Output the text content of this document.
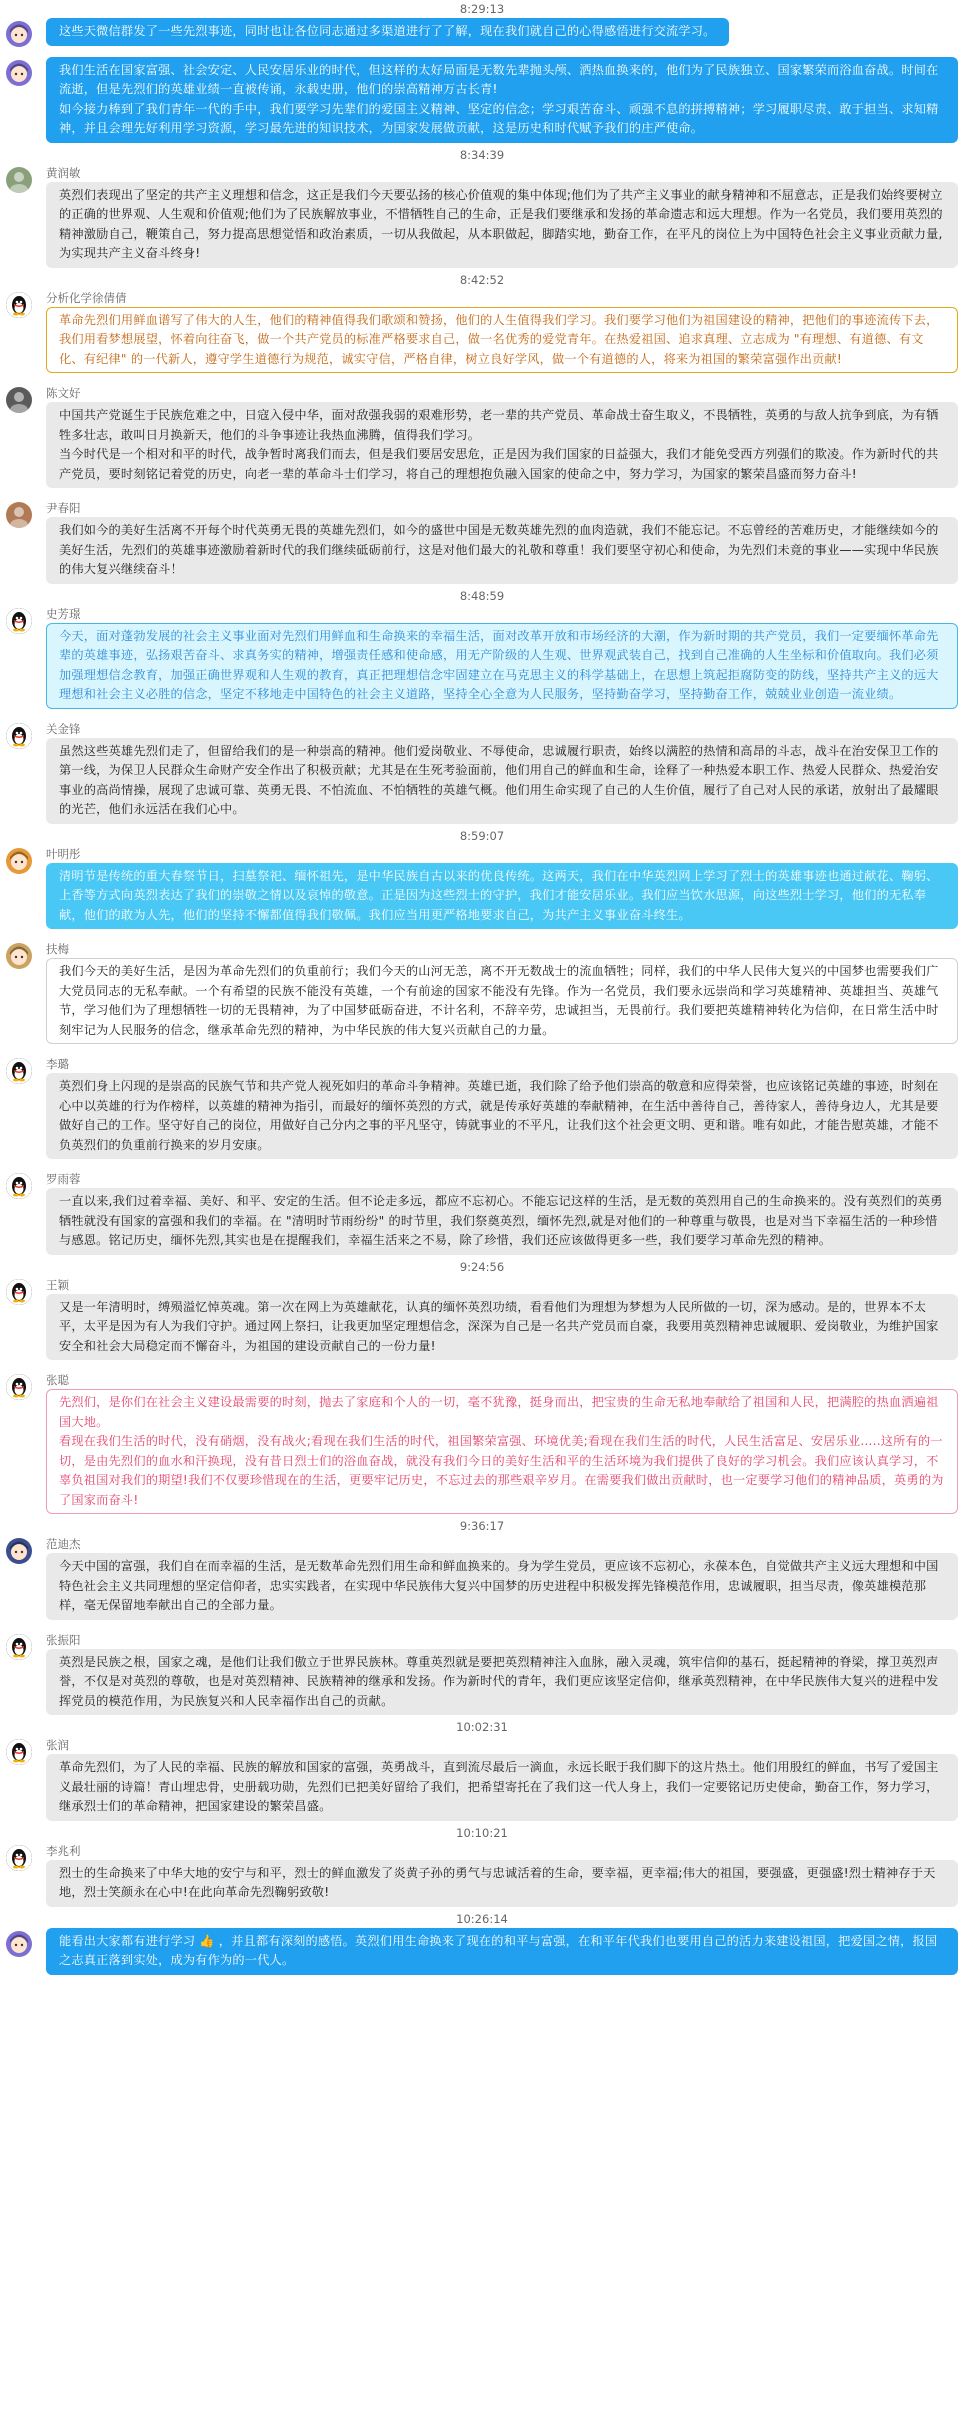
8:29:13
这些天微信群发了一些先烈事迹，同时也让各位同志通过多渠道进行了了解，现在我们就自己的心得感悟进行交流学习。
我们生活在国家富强、社会安定、人民安居乐业的时代，但这样的太好局面是无数先辈抛头颅、洒热血换来的，他们为了民族独立、国家繁荣而浴血奋战。时间在流逝，但是先烈们的英雄业绩一直被传诵，永载史册，他们的崇高精神万古长青!
如今接力棒到了我们青年一代的手中，我们要学习先辈们的爱国主义精神、坚定的信念；学习艰苦奋斗、顽强不息的拼搏精神；学习履职尽责、敢于担当、求知精神，并且会理先好利用学习资源，学习最先进的知识技术，为国家发展做贡献，这是历史和时代赋予我们的庄严使命。
8:34:39
黄润敏
英烈们表现出了坚定的共产主义理想和信念，这正是我们今天要弘扬的核心价值观的集中体现;他们为了共产主义事业的献身精神和不屈意志，正是我们始终要树立的正确的世界观、人生观和价值观;他们为了民族解放事业，不惜牺牲自己的生命，正是我们要继承和发扬的革命遗志和远大理想。作为一名党员，我们要用英烈的精神激励自己，鞭策自己，努力提高思想觉悟和政治素质，一切从我做起，从本职做起，脚踏实地，勤奋工作，在平凡的岗位上为中国特色社会主义事业贡献力量,为实现共产主义奋斗终身!
8:42:52
分析化学徐倩倩
革命先烈们用鲜血谱写了伟大的人生，他们的精神值得我们歌颂和赞扬，他们的人生值得我们学习。我们要学习他们为祖国建设的精神，把他们的事迹流传下去，我们用看梦想展望，怀着向往奋飞，做一个共产党员的标准严格要求自己，做一名优秀的爱党青年。在热爱祖国、追求真理、立志成为 "有理想、有道德、有文化、有纪律" 的一代新人，遵守学生道德行为规范，诚实守信，严格自律，树立良好学风，做一个有道德的人，将来为祖国的繁荣富强作出贡献!
陈文好
中国共产党诞生于民族危难之中，日寇入侵中华，面对敌强我弱的艰难形势，老一辈的共产党员、革命战士奋生取义，不畏牺牲，英勇的与敌人抗争到底，为有牺牲多壮志，敢叫日月换新天，他们的斗争事迹让我热血沸腾，值得我们学习。
当今时代是一个相对和平的时代，战争暂时离我们而去，但是我们要居安思危，正是因为我们国家的日益强大，我们才能免受西方列强们的欺凌。作为新时代的共产党员，要时刻铭记着党的历史，向老一辈的革命斗士们学习，将自己的理想抱负融入国家的使命之中，努力学习，为国家的繁荣昌盛而努力奋斗!
尹春阳
我们如今的美好生活离不开每个时代英勇无畏的英雄先烈们，如今的盛世中国是无数英雄先烈的血肉造就，我们不能忘记。不忘曾经的苦难历史，才能继续如今的美好生活，先烈们的英雄事迹激励着新时代的我们继续砥砺前行，这是对他们最大的礼敬和尊重！我们要坚守初心和使命，为先烈们未竟的事业——实现中华民族的伟大复兴继续奋斗！
8:48:59
史芳璟
今天，面对蓬勃发展的社会主义事业面对先烈们用鲜血和生命换来的幸福生活，面对改革开放和市场经济的大潮，作为新时期的共产党员，我们一定要缅怀革命先辈的英雄事迹，弘扬艰苦奋斗、求真务实的精神，增强责任感和使命感，用无产阶级的人生观、世界观武装自己，找到自己准确的人生坐标和价值取向。我们必须加强理想信念教育，加强正确世界观和人生观的教育，真正把理想信念牢固建立在马克思主义的科学基础上，在思想上筑起拒腐防变的防线，坚持共产主义的远大理想和社会主义必胜的信念，坚定不移地走中国特色的社会主义道路，坚持全心全意为人民服务，坚持勤奋学习，坚持勤奋工作，兢兢业业创造一流业绩。
关金锋
虽然这些英雄先烈们走了，但留给我们的是一种崇高的精神。他们爱岗敬业、不辱使命，忠诚履行职责，始终以满腔的热情和高昂的斗志，战斗在治安保卫工作的第一线，为保卫人民群众生命财产安全作出了积极贡献；尤其是在生死考验面前，他们用自己的鲜血和生命，诠释了一种热爱本职工作、热爱人民群众、热爱治安事业的高尚情操，展现了忠诚可靠、英勇无畏、不怕流血、不怕牺牲的英雄气概。他们用生命实现了自己的人生价值，履行了自己对人民的承诺，放射出了最耀眼的光芒，他们永远活在我们心中。
8:59:07
叶明彤
清明节是传统的重大春祭节日，扫墓祭祀、缅怀祖先，是中华民族自古以来的优良传统。这两天，我们在中华英烈网上学习了烈士的英雄事迹也通过献花、鞠躬、上香等方式向英烈表达了我们的崇敬之情以及哀悼的敬意。正是因为这些烈士的守护，我们才能安居乐业。我们应当饮水思源，向这些烈士学习，他们的无私奉献，他们的敢为人先，他们的坚持不懈都值得我们敬佩。我们应当用更严格地要求自己，为共产主义事业奋斗终生。
扶梅
我们今天的美好生活，是因为革命先烈们的负重前行；我们今天的山河无恙，离不开无数战士的流血牺牲；同样，我们的中华人民伟大复兴的中国梦也需要我们广大党员同志的无私奉献。一个有希望的民族不能没有英雄，一个有前途的国家不能没有先锋。作为一名党员，我们要永远崇尚和学习英雄精神、英雄担当、英雄气节，学习他们为了理想牺牲一切的无畏精神，为了中国梦砥砺奋进，不计名利，不辞辛劳，忠诚担当，无畏前行。我们要把英雄精神转化为信仰，在日常生活中时刻牢记为人民服务的信念，继承革命先烈的精神，为中华民族的伟大复兴贡献自己的力量。
李璐
英烈们身上闪现的是崇高的民族气节和共产党人视死如归的革命斗争精神。英雄已逝，我们除了给予他们崇高的敬意和应得荣誉，也应该铭记英雄的事迹，时刻在心中以英雄的行为作榜样，以英雄的精神为指引，而最好的缅怀英烈的方式，就是传承好英雄的奉献精神，在生活中善待自己，善待家人，善待身边人，尤其是要做好自己的工作。坚守好自己的岗位，用做好自己分内之事的平凡坚守，铸就事业的不平凡，让我们这个社会更文明、更和谐。唯有如此，才能告慰英雄，才能不负英烈们的负重前行换来的岁月安康。
罗雨蓉
一直以来,我们过着幸福、美好、和平、安定的生活。但不论走多远，都应不忘初心。不能忘记这样的生活，是无数的英烈用自己的生命换来的。没有英烈们的英勇牺牲就没有国家的富强和我们的幸福。在 "清明时节雨纷纷" 的时节里，我们祭奠英烈，缅怀先烈,就是对他们的一种尊重与敬畏，也是对当下幸福生活的一种珍惜与感恩。铭记历史，缅怀先烈,其实也是在提醒我们，幸福生活来之不易，除了珍惜，我们还应该做得更多一些，我们要学习革命先烈的精神。
9:24:56
王颖
又是一年清明时，缚殒溢忆悼英魂。第一次在网上为英雄献花，认真的缅怀英烈功绩，看看他们为理想为梦想为人民所做的一切，深为感动。是的，世界本不太平，太平是因为有人为我们守护。通过网上祭扫，让我更加坚定理想信念，深深为自己是一名共产党员而自豪，我要用英烈精神忠诚履职、爱岗敬业，为维护国家安全和社会大局稳定而不懈奋斗，为祖国的建设贡献自己的一份力量!
张聪
先烈们，是你们在社会主义建设最需要的时刻，抛去了家庭和个人的一切，毫不犹豫，挺身而出，把宝贵的生命无私地奉献给了祖国和人民，把满腔的热血洒遍祖国大地。
看现在我们生活的时代，没有硝烟，没有战火;看现在我们生活的时代，祖国繁荣富强、环境优美;看现在我们生活的时代，人民生活富足、安居乐业.....这所有的一切，是由先烈们的血水和汗换现，没有昔日烈士们的浴血奋战，就没有我们今日的美好生活和平的生活环境为我们提供了良好的学习机会。我们应该认真学习，不辜负祖国对我们的期望!我们不仅要珍惜现在的生活，更要牢记历史，不忘过去的那些艰辛岁月。在需要我们做出贡献时，也一定要学习他们的精神品质，英勇的为了国家而奋斗!
9:36:17
范迪杰
今天中国的富强，我们自在而幸福的生活，是无数革命先烈们用生命和鲜血换来的。身为学生党员，更应该不忘初心，永葆本色，自觉做共产主义远大理想和中国特色社会主义共同理想的坚定信仰者，忠实实践者，在实现中华民族伟大复兴中国梦的历史进程中积极发挥先锋模范作用，忠诚履职，担当尽责，像英雄模范那样，毫无保留地奉献出自己的全部力量。
张振阳
英烈是民族之根，国家之魂，是他们让我们傲立于世界民族林。尊重英烈就是要把英烈精神注入血脉，融入灵魂，筑牢信仰的基石，挺起精神的脊梁，撑卫英烈声誉，不仅是对英烈的尊敬，也是对英烈精神、民族精神的继承和发扬。作为新时代的青年，我们更应该坚定信仰，继承英烈精神，在中华民族伟大复兴的进程中发挥党员的模范作用，为民族复兴和人民幸福作出自己的贡献。
10:02:31
张润
革命先烈们，为了人民的幸福、民族的解放和国家的富强，英勇战斗，直到流尽最后一滴血，永远长眠于我们脚下的这片热土。他们用殷红的鲜血，书写了爱国主义最壮丽的诗篇！青山埋忠骨，史册载功勋，先烈们已把美好留给了我们，把希望寄托在了我们这一代人身上，我们一定要铭记历史使命，勤奋工作，努力学习，继承烈士们的革命精神，把国家建设的繁荣昌盛。
10:10:21
李兆利
烈士的生命换来了中华大地的安宁与和平，烈士的鲜血激发了炎黄子孙的勇气与忠诚活着的生命，要幸福，更幸福;伟大的祖国，要强盛，更强盛!烈士精神存于天地，烈士笑颜永在心中!在此向革命先烈鞠躬致敬!
10:26:14
能看出大家都有进行学习 👍 ，并且都有深刻的感悟。英烈们用生命换来了现在的和平与富强，在和平年代我们也要用自己的活力来建设祖国，把爱国之情，报国之志真正落到实处，成为有作为的一代人。
